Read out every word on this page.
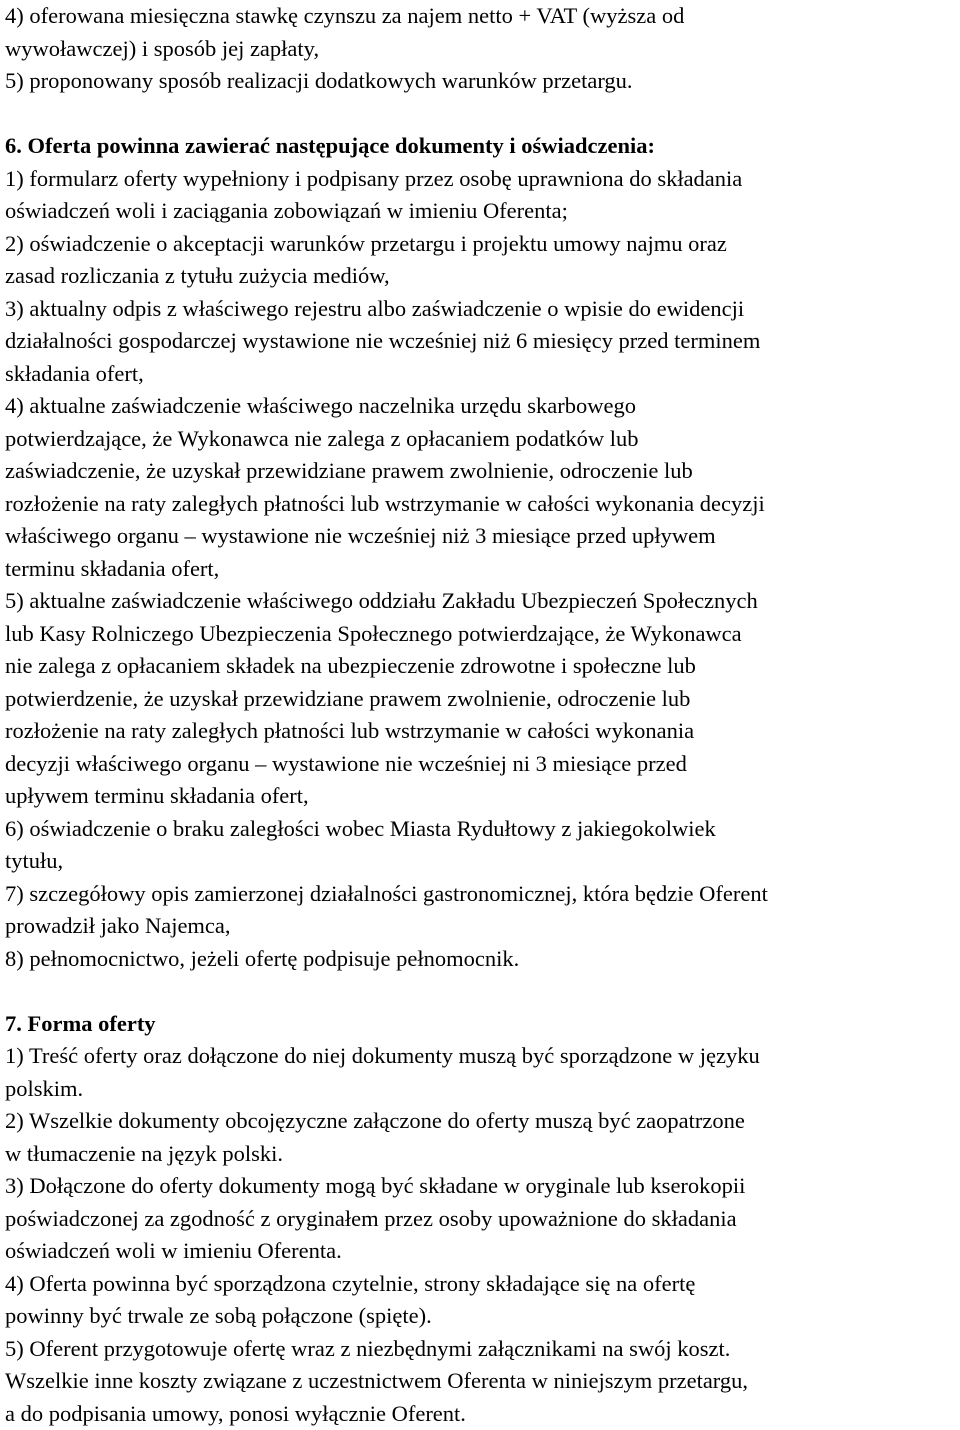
4) oferowana miesięczna stawkę czynszu za najem netto + VAT (wyższa od

wywoławczej) i sposób jej zapłaty,

5) proponowany sposób realizacji dodatkowych warunków przetargu.

6. Oferta powinna zawierać następujące dokumenty i oświadczenia:

1) formularz oferty wypełniony i podpisany przez osobę uprawniona do składania

oświadczeń woli i zaciągania zobowiązań w imieniu Oferenta;

2) oświadczenie o akceptacji warunków przetargu i projektu umowy najmu oraz

zasad rozliczania z tytułu zużycia mediów,

3) aktualny odpis z właściwego rejestru albo zaświadczenie o wpisie do ewidencji

działalności gospodarczej wystawione nie wcześniej niż 6 miesięcy przed terminem

składania ofert,

4) aktualne zaświadczenie właściwego naczelnika urzędu skarbowego

potwierdzające, że Wykonawca nie zalega z opłacaniem podatków lub

zaświadczenie, że uzyskał przewidziane prawem zwolnienie, odroczenie lub

rozłożenie na raty zaległych płatności lub wstrzymanie w całości wykonania decyzji

właściwego organu – wystawione nie wcześniej niż 3 miesiące przed upływem

terminu składania ofert,

5) aktualne zaświadczenie właściwego oddziału Zakładu Ubezpieczeń Społecznych

lub Kasy Rolniczego Ubezpieczenia Społecznego potwierdzające, że Wykonawca

nie zalega z opłacaniem składek na ubezpieczenie zdrowotne i społeczne lub

potwierdzenie, że uzyskał przewidziane prawem zwolnienie, odroczenie lub

rozłożenie na raty zaległych płatności lub wstrzymanie w całości wykonania

decyzji właściwego organu – wystawione nie wcześniej ni 3 miesiące przed

upływem terminu składania ofert,

6) oświadczenie o braku zaległości wobec Miasta Rydułtowy z jakiegokolwiek

tytułu,

7) szczegółowy opis zamierzonej działalności gastronomicznej, która będzie Oferent

prowadził jako Najemca,

8) pełnomocnictwo, jeżeli ofertę podpisuje pełnomocnik.

7. Forma oferty

1) Treść oferty oraz dołączone do niej dokumenty muszą być sporządzone w języku

polskim.

2) Wszelkie dokumenty obcojęzyczne załączone do oferty muszą być zaopatrzone

w tłumaczenie na język polski.

3) Dołączone do oferty dokumenty mogą być składane w oryginale lub kserokopii

poświadczonej za zgodność z oryginałem przez osoby upoważnione do składania

oświadczeń woli w imieniu Oferenta.

4) Oferta powinna być sporządzona czytelnie, strony składające się na ofertę

powinny być trwale ze sobą połączone (spięte).

5) Oferent przygotowuje ofertę wraz z niezbędnymi załącznikami na swój koszt.

Wszelkie inne koszty związane z uczestnictwem Oferenta w niniejszym przetargu,

a do podpisania umowy, ponosi wyłącznie Oferent.
